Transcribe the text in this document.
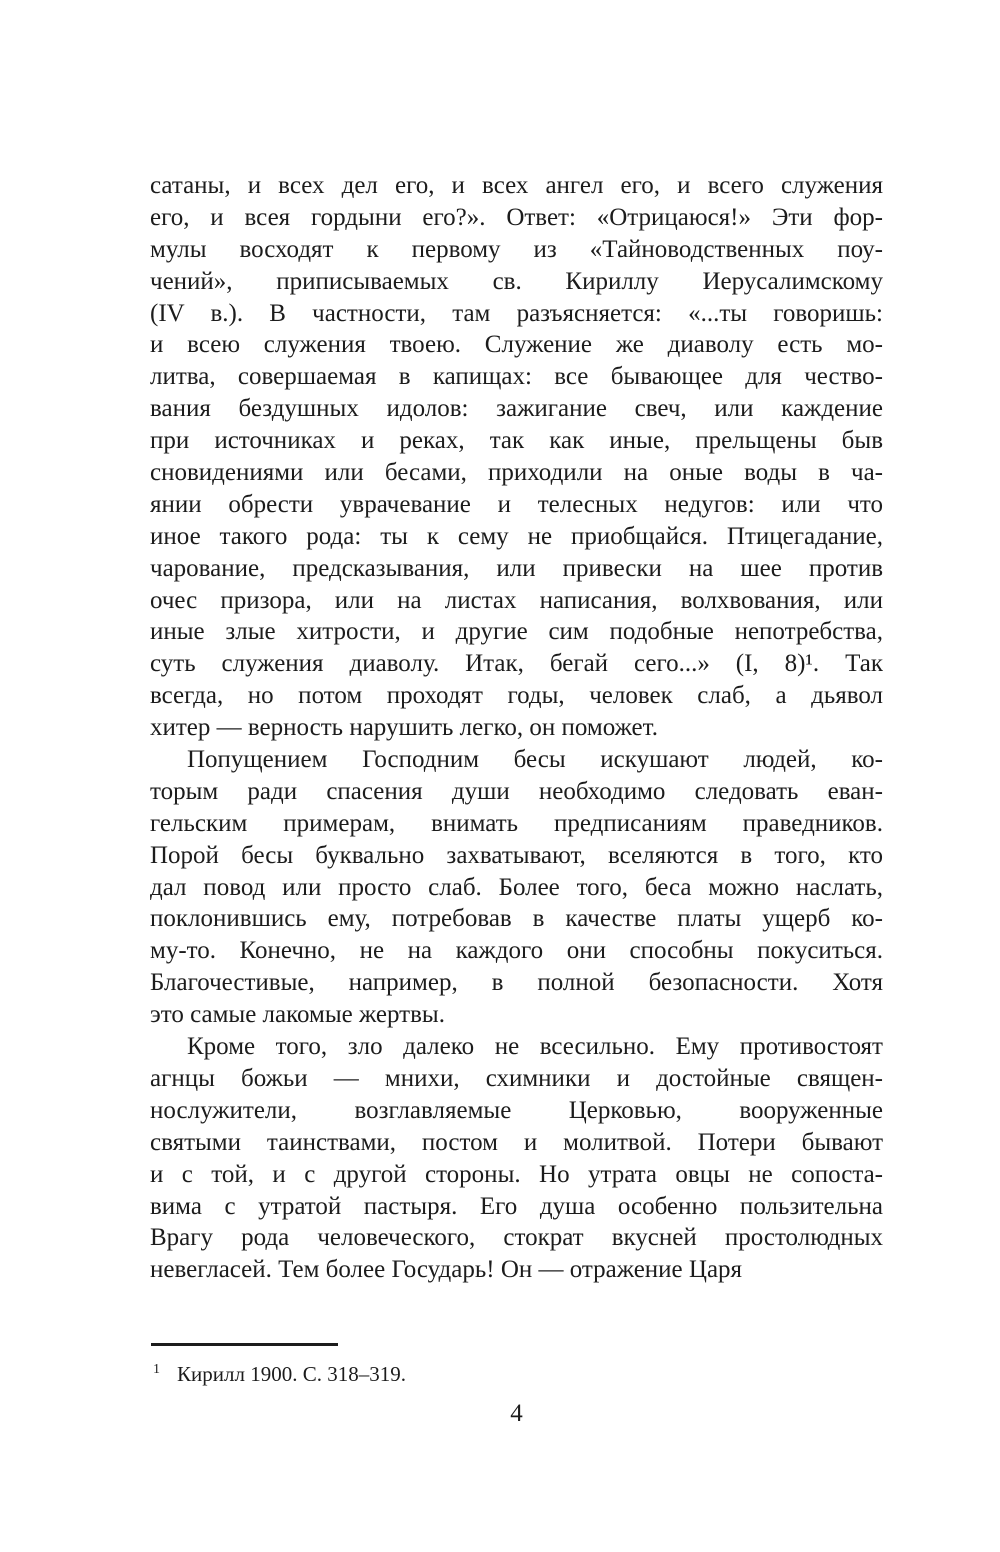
сатаны, и всех дел его, и всех ангел его, и всего служения
его, и всея гордыни его?». Ответ: «Отрицаюся!» Эти фор-
мулы восходят к первому из «Тайноводственных поу-
чений», приписываемых св. Кириллу Иерусалимскому
(IV в.). В частности, там разъясняется: «...ты говоришь:
и всею служения твоею. Служение же диаволу есть мо-
литва, совершаемая в капищах: все бывающее для чество-
вания бездушных идолов: зажигание свеч, или каждение
при источниках и реках, так как иные, прельщены быв
сновидениями или бесами, приходили на оные воды в ча-
янии обрести уврачевание и телесных недугов: или что
иное такого рода: ты к сему не приобщайся. Птицегадание,
чарование, предсказывания, или привески на шее против
очес призора, или на листах написания, волхвования, или
иные злые хитрости, и другие сим подобные непотребства,
суть служения диаволу. Итак, бегай сего...» (I, 8)¹. Так
всегда, но потом проходят годы, человек слаб, а дьявол
хитер — верность нарушить легко, он поможет.
Попущением Господним бесы искушают людей, ко-
торым ради спасения души необходимо следовать еван-
гельским примерам, внимать предписаниям праведников.
Порой бесы буквально захватывают, вселяются в того, кто
дал повод или просто слаб. Более того, беса можно наслать,
поклонившись ему, потребовав в качестве платы ущерб ко-
му-то. Конечно, не на каждого они способны покуситься.
Благочестивые, например, в полной безопасности. Хотя
это самые лакомые жертвы.
Кроме того, зло далеко не всесильно. Ему противостоят
агнцы божьи — мнихи, схимники и достойные священ-
нослужители, возглавляемые Церковью, вооруженные
святыми таинствами, постом и молитвой. Потери бывают
и с той, и с другой стороны. Но утрата овцы не сопоста-
вима с утратой пастыря. Его душа особенно пользительна
Врагу рода человеческого, стократ вкусней простолюдных
невегласей. Тем более Государь! Он — отражение Царя
$^1$ Кирилл 1900. С. 318–319.
4
